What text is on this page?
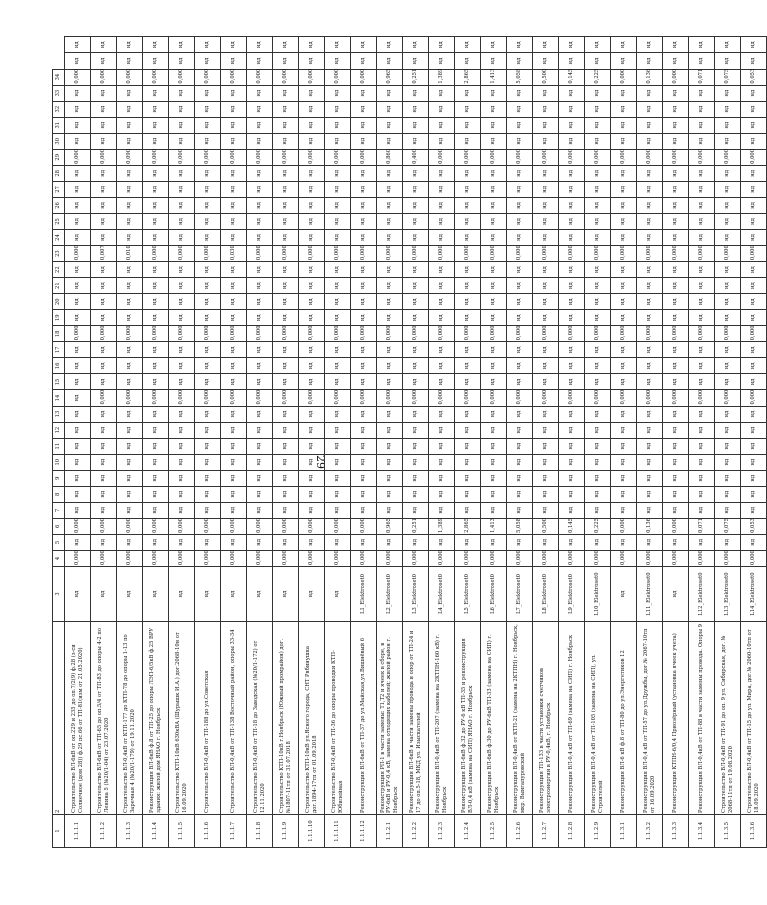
29
1	2	3	4	5	6	7	8	9	10	11	12	13	14	15	16	17	18	19	20	21	22	23	24	25	26	27	28	29	30	31	32	33	34		
1.1.1.1	Строительство ВЛ-6кВ от оп.229 и 235 до оп.7/2(9) ф.28 (з-си Солнечное (дом 28)) ф.29 пс.66 от ТП-81(изм от 21.05.2020)	нд	0,000	нд	0,000	нд	нд	нд	нд	нд	нд	нд	нд	нд	нд	нд	0,000	нд	нд	нд	нд	0,000	нд	нд	нд	нд	нд	0,000	нд	нд	нд	нд	0,000	нд	нд
1.1.1.2	Строительство ВЛ-6кВ от ТП-65 до оп.5/4 от ТП-83 до опоры 4-2 по Ленина 5 (№20/1-04) от 23.07.2020	нд	0,000	нд	0,000	нд	нд	нд	нд	нд	нд	нд	0,000	нд	нд	нд	0,000	нд	нд	нд	нд	0,007	нд	нд	нд	нд	нд	0,000	нд	нд	нд	нд	0,000	нд	нд
1.1.1.3	Строительство ВЛ-0,4кВ от КТП-177 до КТП-78 до опоры 1-13 по Заречная 4 (№20/1-179) от 19.11.2020	нд	0,000	нд	0,000	нд	нд	нд	нд	нд	нд	нд	0,000	нд	нд	нд	0,000	нд	нд	нд	нд	0,010	нд	нд	нд	нд	нд	0,090	нд	нд	нд	нд	0,000	нд	нд
1.1.1.4	Реконструкция ВЛ-6кВ ф.8 от ТП-25 до опоры ЛЭП-6/5кВ ф.25 ВРУ здания: жилой дом ЯНАО г. Ноябрьск	нд	0,000	нд	0,000	нд	нд	нд	нд	нд	нд	нд	0,000	нд	нд	нд	0,000	нд	нд	нд	нд	0,000	нд	нд	нд	нд	нд	0,000	нд	нд	нд	нд	0,000	нд	нд
1.1.1.5	Строительство КТП-10кВ 630кВА (Шурышк И.А.) дог.2068-10н от 16.09.2020	нд	0,000	нд	0,000	нд	нд	нд	нд	нд	нд	нд	0,000	нд	нд	нд	0,000	нд	нд	нд	нд	0,000	нд	нд	нд	нд	нд	0,000	нд	нд	нд	нд	0,000	нд	нд
1.1.1.6	Строительство ВЛ-0,4кВ от ТП-188 до ул.Советская	нд	0,000	нд	0,000	нд	нд	нд	нд	нд	нд	нд	0,000	нд	нд	нд	0,000	нд	нд	нд	нд	0,000	нд	нд	нд	нд	нд	0,000	нд	нд	нд	нд	0,000	нд	нд
1.1.1.7	Строительство ВЛ-0,4кВ от ТП-138 Восточный район, опоры 33-34	нд	0,000	нд	0,000	нд	нд	нд	нд	нд	нд	нд	0,000	нд	нд	нд	0,000	нд	нд	нд	нд	0,030	нд	нд	нд	нд	нд	0,000	нд	нд	нд	нд	0,000	нд	нд
1.1.1.8	Строительство ВЛ-0,4кВ от ТП-18 до Заводская (№20/1-172) от 12.11.2020	нд	0,000	нд	0,000	нд	нд	нд	нд	нд	нд	нд	0,000	нд	нд	нд	0,000	нд	нд	нд	нд	0,000	нд	нд	нд	нд	нд	0,000	нд	нд	нд	нд	0,000	нд	нд
1.1.1.9	Строительство КТП-10кВ г.Ноябрьск (Южный промрайон) дог.№1807-11тп от 31.07.2018	нд	0,000	нд	0,000	нд	нд	нд	нд	нд	нд	нд	0,000	нд	нд	нд	0,000	нд	нд	нд	нд	0,000	нд	нд	нд	нд	нд	0,000	нд	нд	нд	нд	0,000	нд	нд
1.1.1.10	Строительство КТП-10кВ ул.Ясного города, СНТ Рябинушка дог.1894-17тп от 01.09.2018	нд	0,000	нд	0,000	нд	нд	нд	нд	нд	нд	нд	0,000	нд	нд	нд	0,000	нд	нд	нд	нд	0,000	нд	нд	нд	нд	нд	0,000	нд	нд	нд	нд	0,000	нд	нд
1.1.1.11	Строительство ВЛ-0,4кВ от ТП-36 до опоры проводки КТП-Юбилейная	нд	0,000	нд	0,000	нд	нд	нд	нд	нд	нд	нд	0,000	нд	нд	нд	0,000	нд	нд	нд	нд	0,000	нд	нд	нд	нд	нд	0,000	нд	нд	нд	нд	0,000	нд	нд
1.1.1.12	Реконструкция ВЛ-6кВ от ТП-37 до ул.Майская,ул.Вишнёвый 6	L1_Elektroset0	0,000	нд	0,000	нд	нд	нд	нд	нд	нд	нд	0,000	нд	нд	нд	0,000	нд	нд	нд	нд	0,000	нд	нд	нд	нд	нд	0,000	нд	нд	нд	нд	0,000	нд	нд
1.1.2.1	Реконструкция РП-1 в части замены: Т1,Т2 и ячеек в сборе, в РУ-6кВ и РУ-0,4 кВ, замена отходящих кабелей; жилой район г. Ноябрьск	L2_Elektroset0	0,000	нд	0,965	нд	нд	нд	нд	нд	нд	нд	0,000	нд	нд	нд	0,000	нд	нд	нд	нд	0,000	нд	нд	нд	нд	нд	0,860	нд	нд	нд	нд	0,965	нд	нд
1.1.2.2	Реконструкция ВЛ-6кВ в части замены провода и опор от ТП-24 и 17 до оп.5-18, МКД ул. Изыскателей	L3_Elektroset0	0,000	нд	0,251	нд	нд	нд	нд	нд	нд	нд	0,000	нд	нд	нд	0,000	нд	нд	нд	нд	0,000	нд	нд	нд	нд	нд	0,400	нд	нд	нд	нд	0,251	нд	нд
1.1.2.3	Реконструкция ВЛ-0,4кВ от ТП-207 (замена на 2КТПН-160 кВ) г. Ноябрьск	L4_Elektroset0	0,000	нд	1,389	нд	нд	нд	нд	нд	нд	нд	0,000	нд	нд	нд	0,000	нд	нд	нд	нд	0,000	нд	нд	нд	нд	нд	0,000	нд	нд	нд	нд	1,389	нд	нд
1.1.2.4	Реконструкция ВЛ-6кВ ф.32 до РУ-6 кВ ТП-35 и реконструкция ВЛ-0,4 кВ (замена на СИП) ЯНАО г. Ноябрьск	L5_Elektroset0	0,000	нд	2,865	нд	нд	нд	нд	нд	нд	нд	0,000	нд	нд	нд	0,000	нд	нд	нд	нд	0,000	нд	нд	нд	нд	нд	0,000	нд	нд	нд	нд	2,865	нд	нд
1.1.2.5	Реконструкция ВЛ-6кВ ф.30 до РУ-6кВ ТП-33 (замена на СИП) г. Ноябрьск	L6_Elektroset0	0,000	нд	1,413	нд	нд	нд	нд	нд	нд	нд	0,000	нд	нд	нд	0,000	нд	нд	нд	нд	0,000	нд	нд	нд	нд	нд	0,000	нд	нд	нд	нд	1,413	нд	нд
1.1.2.6	Реконструкция ВЛ-0,4кВ от КТП-21 (замена на 2КТПН) г. Ноябрьск, мкр. Вынгапуровский	L7_Elektroset0	0,000	нд	5,058	нд	нд	нд	нд	нд	нд	нд	0,000	нд	нд	нд	0,000	нд	нд	нд	нд	0,000	нд	нд	нд	нд	нд	0,000	нд	нд	нд	нд	5,058	нд	нд
1.1.2.7	Реконструкция ТП-133 в части установки счетчиков электроэнергии в РУ-0,4кВ, г. Ноябрьск	L8_Elektroset0	0,000	нд	0,500	нд	нд	нд	нд	нд	нд	нд	0,000	нд	нд	нд	0,000	нд	нд	нд	нд	0,000	нд	нд	нд	нд	нд	0,000	нд	нд	нд	нд	0,500	нд	нд
1.1.2.8	Реконструкция ВЛ-0,4 кВ от ТП-69 (замена на СИП) г. Ноябрьск	L9_Elektroset0	0,000	нд	0,145	нд	нд	нд	нд	нд	нд	нд	0,000	нд	нд	нд	0,000	нд	нд	нд	нд	0,000	нд	нд	нд	нд	нд	0,000	нд	нд	нд	нд	0,145	нд	нд
1.1.2.9	Реконструкция ВЛ-0,4 кВ от ТП-105 (замена на СИП), ул. Строителей	L10_Elektroset0	0,000	нд	0,225	нд	нд	нд	нд	нд	нд	нд	0,000	нд	нд	нд	0,000	нд	нд	нд	нд	0,000	нд	нд	нд	нд	нд	0,000	нд	нд	нд	нд	0,225	нд	нд
1.1.3.1	Реконструкция ВЛ-6 кВ ф.8 от ТП-80 до ул.Энергетиков 12	нд	0,000	нд	0,000	нд	нд	нд	нд	нд	нд	нд	0,000	нд	нд	нд	0,000	нд	нд	нд	нд	0,000	нд	нд	нд	нд	нд	0,000	нд	нд	нд	нд	0,000	нд	нд
1.1.3.2	Реконструкция ВЛ-0,4 кВ от ТП-57 до ул.Дружбы, дог.№ 2067-10тп от 16.09.2020	L11_Elektroset0	0,000	нд	0,136	нд	нд	нд	нд	нд	нд	нд	0,000	нд	нд	нд	0,000	нд	нд	нд	нд	0,000	нд	нд	нд	нд	нд	0,000	нд	нд	нд	нд	0,136	нд	нд
1.1.3.3	Реконструкция КТПН-6/0,4 Приозёрный (установка ячеек учета)	нд	0,000	нд	0,000	нд	нд	нд	нд	нд	нд	нд	0,000	нд	нд	нд	0,000	нд	нд	нд	нд	0,000	нд	нд	нд	нд	нд	0,000	нд	нд	нд	нд	0,000	нд	нд
1.1.3.4	Реконструкция ВЛ-0,4кВ от ТП-88 в части замены провода. Опоры 9	L12_Elektroset0	0,000	нд	0,071	нд	нд	нд	нд	нд	нд	нд	0,000	нд	нд	нд	0,000	нд	нд	нд	нд	0,000	нд	нд	нд	нд	нд	0,000	нд	нд	нд	нд	0,071	нд	нд
1.1.3.5	Строительство ВЛ-0,4кВ от ТП-91 до оп. 9 ул. Сибирская, дог. № 2068-11тп от 19.08.2020	L13_Elektroset0	0,000	нд	0,075	нд	нд	нд	нд	нд	нд	нд	0,000	нд	нд	нд	0,000	нд	нд	нд	нд	0,000	нд	нд	нд	нд	нд	0,000	нд	нд	нд	нд	0,075	нд	нд
1.1.3.6	Строительство ВЛ-0,4кВ от ТП-15 до ул. Мира, дог.№ 2060-10тп от 18.09.2020	L14_Elektroset0	0,000	нд	0,053	нд	нд	нд	нд	нд	нд	нд	0,000	нд	нд	нд	0,000	нд	нд	нд	нд	0,000	нд	нд	нд	нд	нд	0,000	нд	нд	нд	нд	0,053	нд	нд
